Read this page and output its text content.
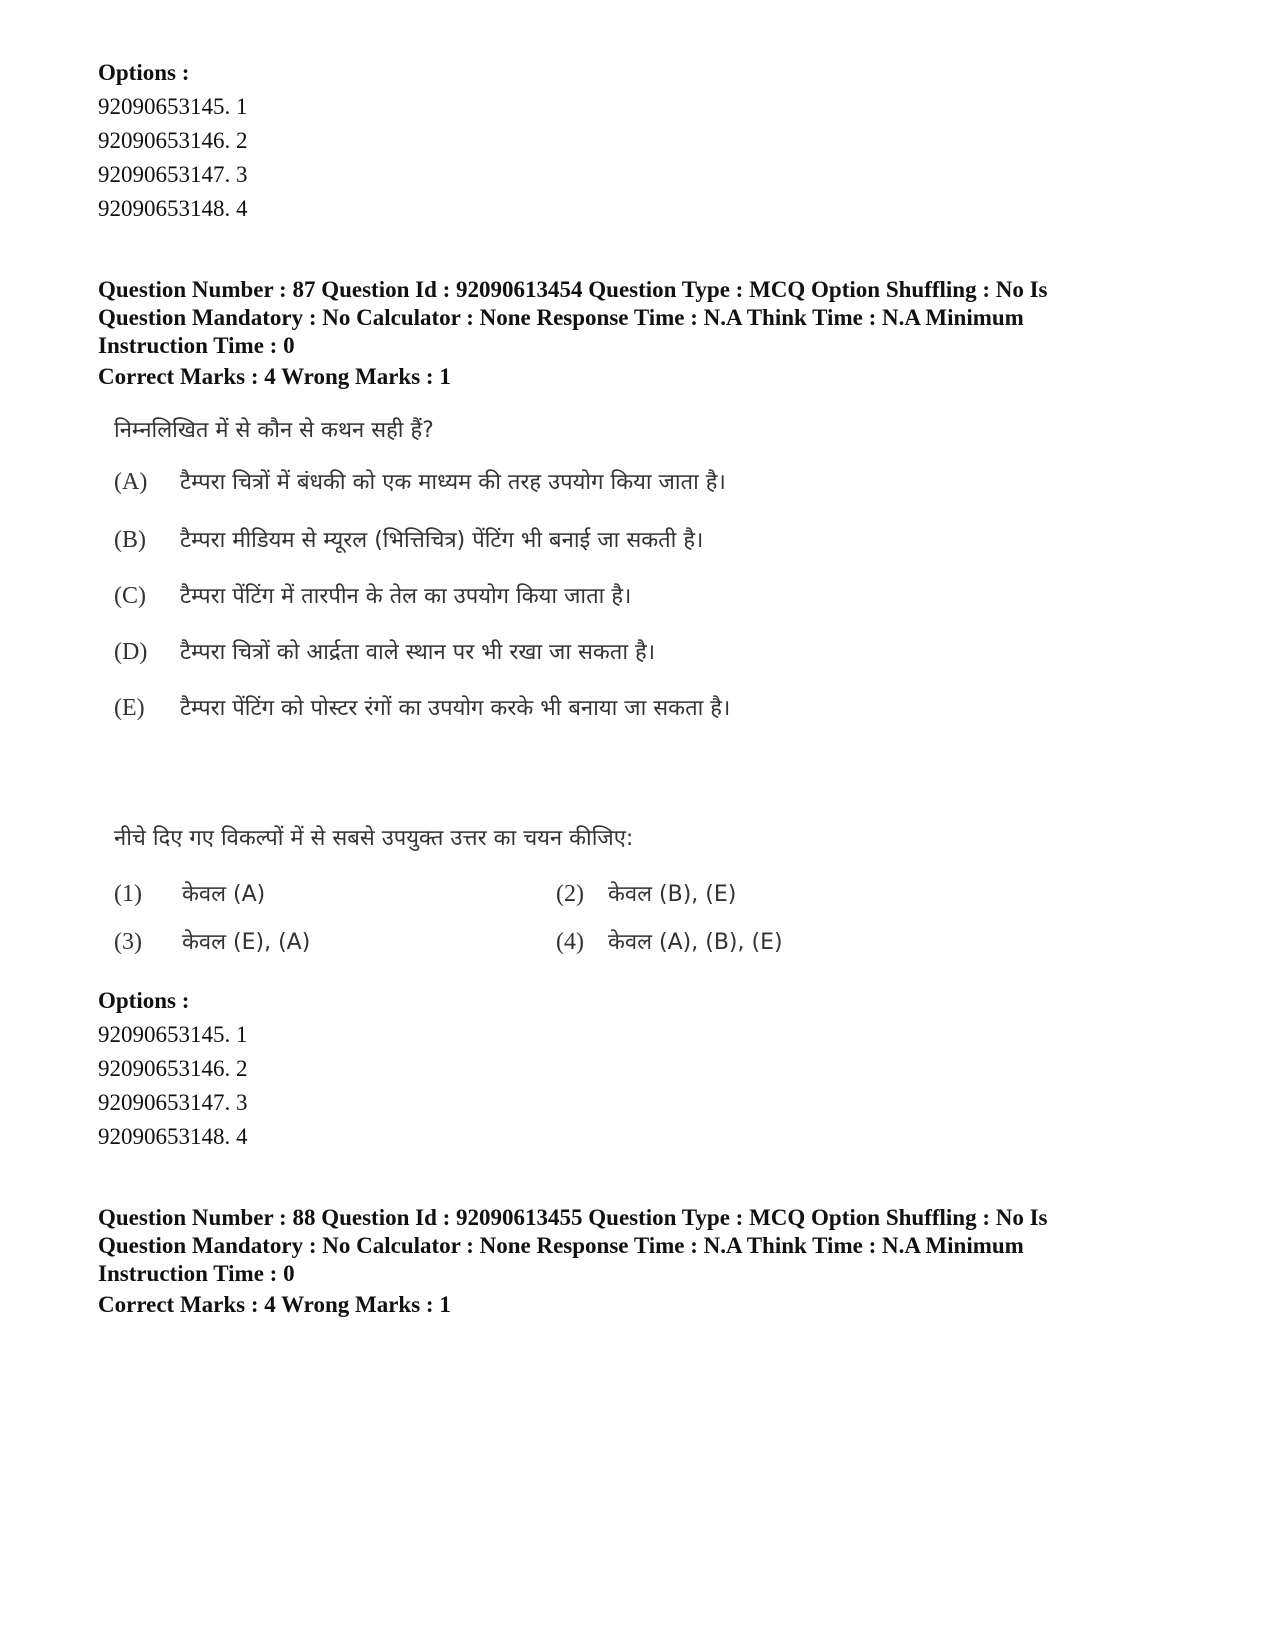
Options :

92090653145. 1

92090653146. 2

92090653147. 3

92090653148. 4

Question Number : 87 Question Id : 92090613454 Question Type : MCQ Option Shuffling : No Is

Question Mandatory : No Calculator : None Response Time : N.A Think Time : N.A Minimum

Instruction Time : 0

Correct Marks : 4 Wrong Marks : 1

निम्नलिखित में से कौन से कथन सही हैं?

(A) टैम्परा चित्रों में बंधकी को एक माध्यम की तरह उपयोग किया जाता है।

(B) टैम्परा मीडियम से म्यूरल (भित्तिचित्र) पेंटिंग भी बनाई जा सकती है।

(C) टैम्परा पेंटिंग में तारपीन के तेल का उपयोग किया जाता है।

(D) टैम्परा चित्रों को आर्द्रता वाले स्थान पर भी रखा जा सकता है।

(E) टैम्परा पेंटिंग को पोस्टर रंगों का उपयोग करके भी बनाया जा सकता है।

नीचे दिए गए विकल्पों में से सबसे उपयुक्त उत्तर का चयन कीजिए:

(1) केवल (A)	(2) केवल (B), (E)

(3) केवल (E), (A)	(4) केवल (A), (B), (E)

Options :

92090653145. 1

92090653146. 2

92090653147. 3

92090653148. 4

Question Number : 88 Question Id : 92090613455 Question Type : MCQ Option Shuffling : No Is

Question Mandatory : No Calculator : None Response Time : N.A Think Time : N.A Minimum

Instruction Time : 0

Correct Marks : 4 Wrong Marks : 1
